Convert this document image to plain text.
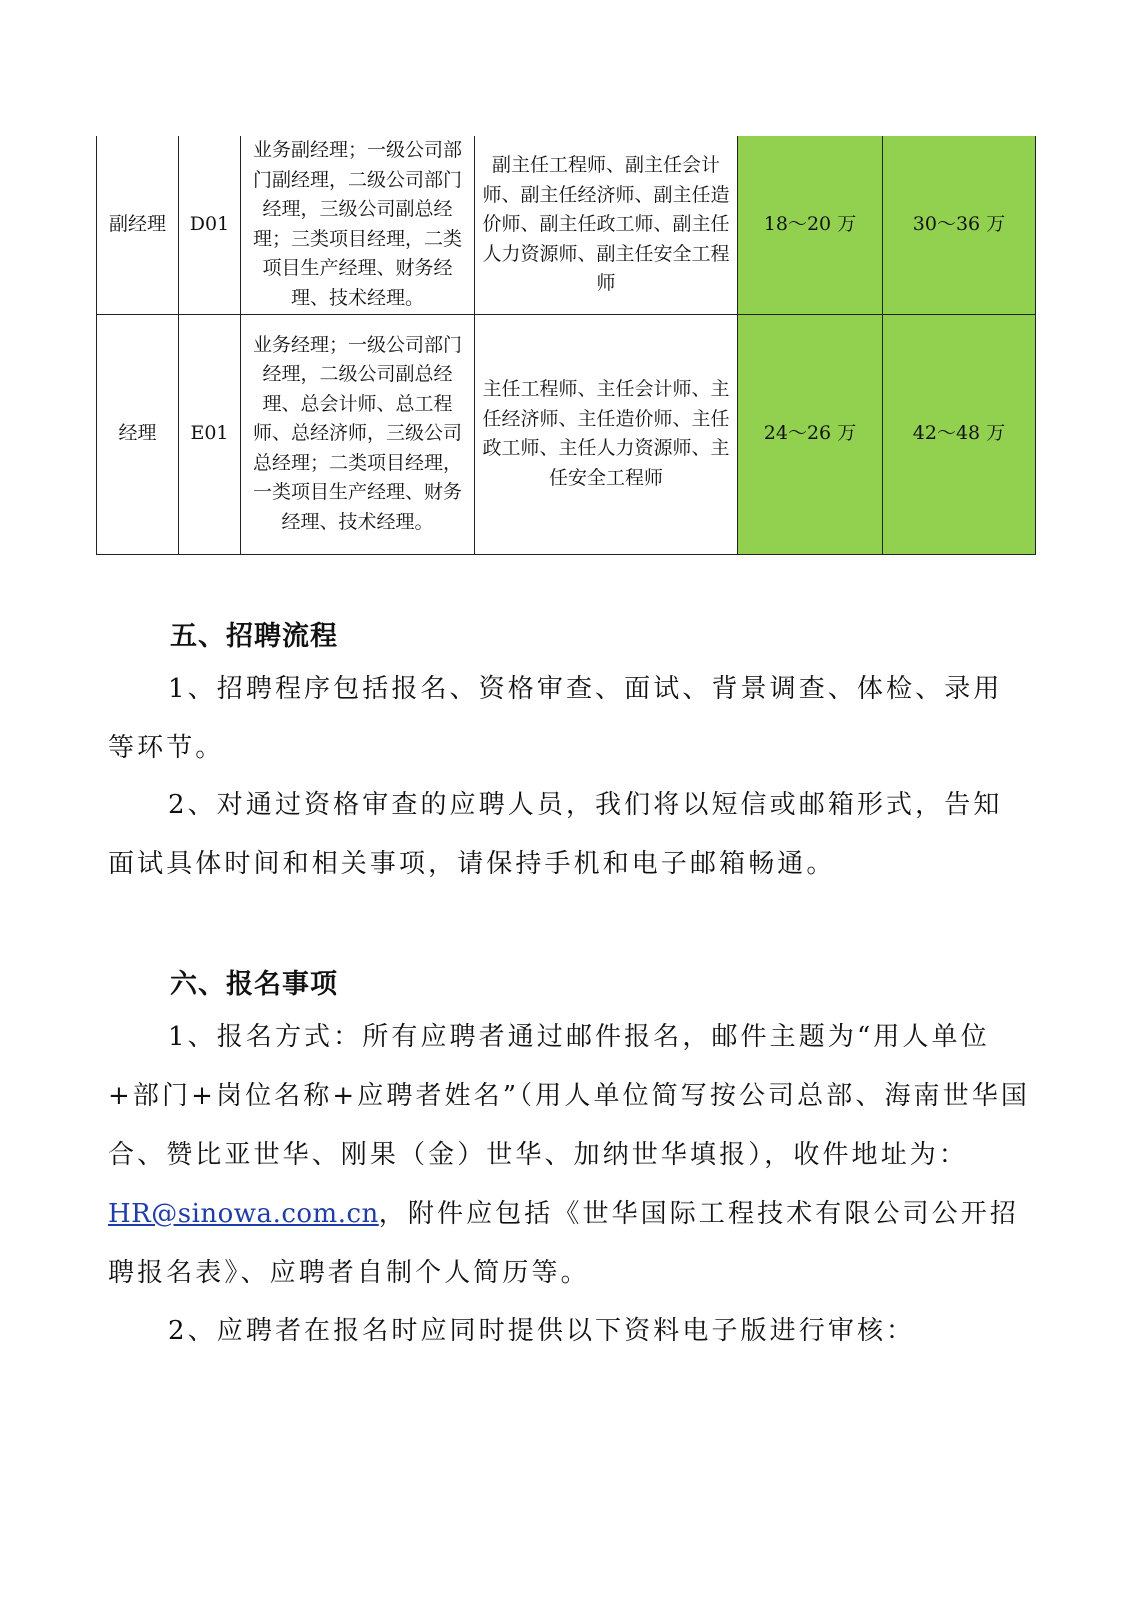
副经理	D01	业务副经理；一级公司部门副经理，二级公司部门经理，三级公司副总经理；三类项目经理，二类项目生产经理、财务经理、技术经理。	副主任工程师、副主任会计师、副主任经济师、副主任造价师、副主任政工师、副主任人力资源师、副主任安全工程师	18～20 万	30～36 万

经理	E01	业务经理；一级公司部门经理，二级公司副总经理、总会计师、总工程师、总经济师，三级公司总经理；二类项目经理，一类项目生产经理、财务经理、技术经理。	主任工程师、主任会计师、主任经济师、主任造价师、主任政工师、主任人力资源师、主任安全工程师	24～26 万	42～48 万
五、招聘流程

1、招聘程序包括报名、资格审查、面试、背景调查、体检、录用等环节。

2、对通过资格审查的应聘人员，我们将以短信或邮箱形式，告知面试具体时间和相关事项，请保持手机和电子邮箱畅通。

六、报名事项

1、报名方式：所有应聘者通过邮件报名，邮件主题为“用人单位+部门+岗位名称+应聘者姓名”（用人单位简写按公司总部、海南世华国合、赞比亚世华、刚果（金）世华、加纳世华填报），收件地址为：HR@sinowa.com.cn，附件应包括《世华国际工程技术有限公司公开招聘报名表》、应聘者自制个人简历等。

2、应聘者在报名时应同时提供以下资料电子版进行审核：
